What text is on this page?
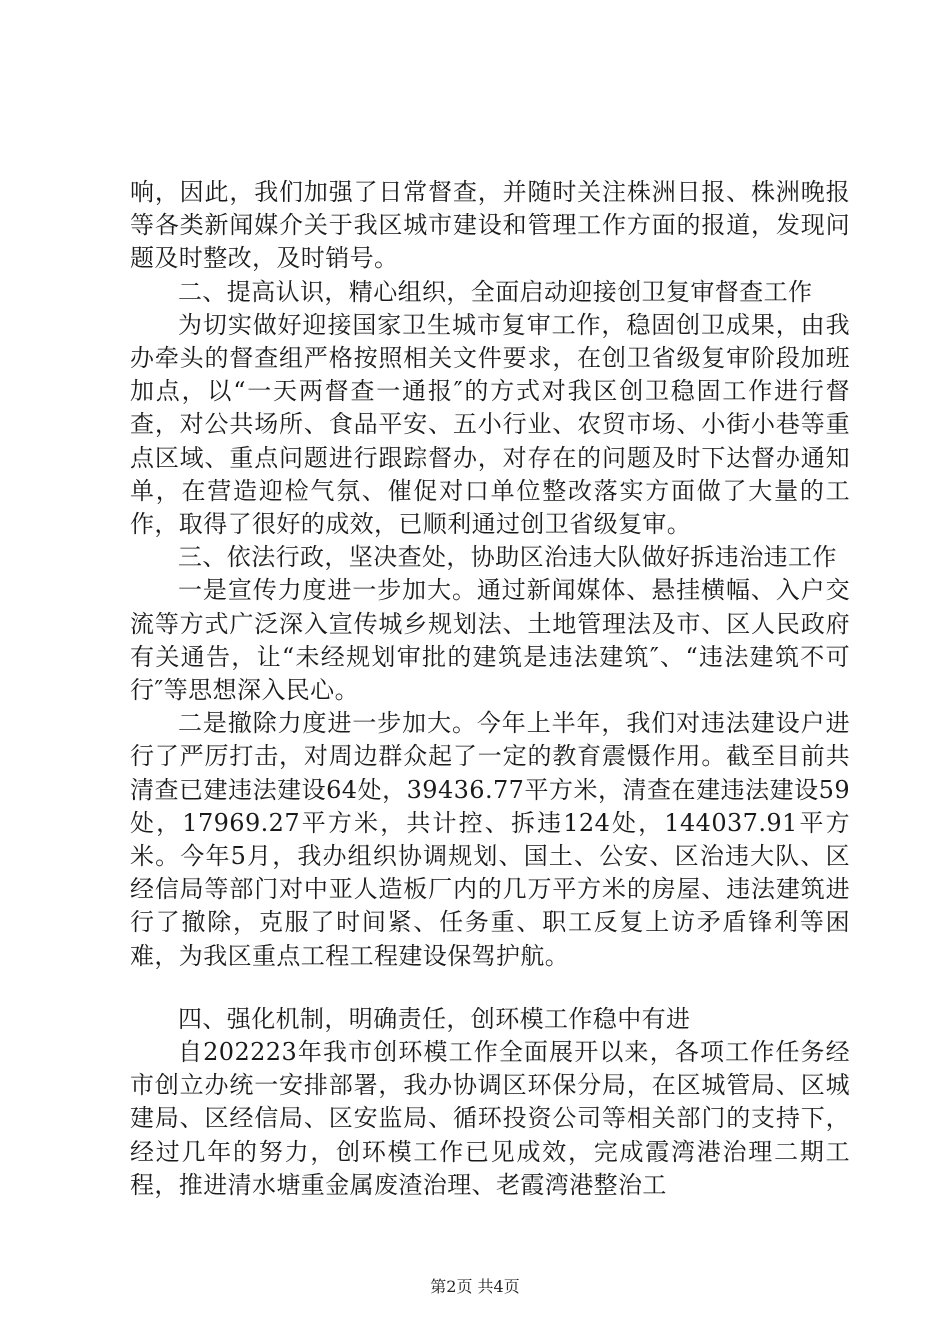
响，因此，我们加强了日常督查，并随时关注株洲日报、株洲晚报等各类新闻媒介关于我区城市建设和管理工作方面的报道，发现问题及时整改，及时销号。

二、提高认识，精心组织，全面启动迎接创卫复审督查工作

为切实做好迎接国家卫生城市复审工作，稳固创卫成果，由我办牵头的督查组严格按照相关文件要求，在创卫省级复审阶段加班加点，以“一天两督查一通报″的方式对我区创卫稳固工作进行督查，对公共场所、食品平安、五小行业、农贸市场、小街小巷等重点区域、重点问题进行跟踪督办，对存在的问题及时下达督办通知单，在营造迎检气氛、催促对口单位整改落实方面做了大量的工作，取得了很好的成效，已顺利通过创卫省级复审。

三、依法行政，坚决查处，协助区治违大队做好拆违治违工作

一是宣传力度进一步加大。通过新闻媒体、悬挂横幅、入户交流等方式广泛深入宣传城乡规划法、土地管理法及市、区人民政府有关通告，让“未经规划审批的建筑是违法建筑″、“违法建筑不可行″等思想深入民心。

二是撤除力度进一步加大。今年上半年，我们对违法建设户进行了严厉打击，对周边群众起了一定的教育震慑作用。截至目前共清查已建违法建设64处，39436.77平方米，清查在建违法建设59处，17969.27平方米，共计控、拆违124处，144037.91平方米。今年5月，我办组织协调规划、国土、公安、区治违大队、区经信局等部门对中亚人造板厂内的几万平方米的房屋、违法建筑进行了撤除，克服了时间紧、任务重、职工反复上访矛盾锋利等困难，为我区重点工程工程建设保驾护航。

四、强化机制，明确责任，创环模工作稳中有进

自202223年我市创环模工作全面展开以来，各项工作任务经市创立办统一安排部署，我办协调区环保分局，在区城管局、区城建局、区经信局、区安监局、循环投资公司等相关部门的支持下，经过几年的努力，创环模工作已见成效，完成霞湾港治理二期工程，推进清水塘重金属废渣治理、老霞湾港整治工

第2页 共4页
